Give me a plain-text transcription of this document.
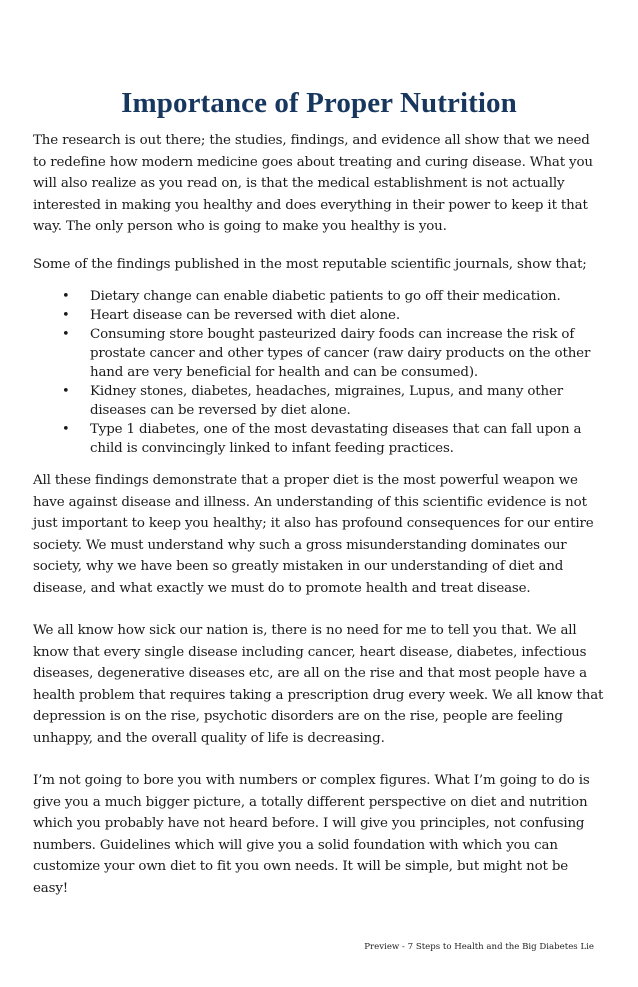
Importance of Proper Nutrition

The research is out there; the studies, findings, and evidence all show that we need to redefine how modern medicine goes about treating and curing disease. What you will also realize as you read on, is that the medical establishment is not actually interested in making you healthy and does everything in their power to keep it that way. The only person who is going to make you healthy is you.

Some of the findings published in the most reputable scientific journals, show that;

• Dietary change can enable diabetic patients to go off their medication.
• Heart disease can be reversed with diet alone.
• Consuming store bought pasteurized dairy foods can increase the risk of prostate cancer and other types of cancer (raw dairy products on the other hand are very beneficial for health and can be consumed).
• Kidney stones, diabetes, headaches, migraines, Lupus, and many other diseases can be reversed by diet alone.
• Type 1 diabetes, one of the most devastating diseases that can fall upon a child is convincingly linked to infant feeding practices.

All these findings demonstrate that a proper diet is the most powerful weapon we have against disease and illness. An understanding of this scientific evidence is not just important to keep you healthy; it also has profound consequences for our entire society. We must understand why such a gross misunderstanding dominates our society, why we have been so greatly mistaken in our understanding of diet and disease, and what exactly we must do to promote health and treat disease.

We all know how sick our nation is, there is no need for me to tell you that. We all know that every single disease including cancer, heart disease, diabetes, infectious diseases, degenerative diseases etc, are all on the rise and that most people have a health problem that requires taking a prescription drug every week. We all know that depression is on the rise, psychotic disorders are on the rise, people are feeling unhappy, and the overall quality of life is decreasing.

I’m not going to bore you with numbers or complex figures. What I’m going to do is give you a much bigger picture, a totally different perspective on diet and nutrition which you probably have not heard before. I will give you principles, not confusing numbers. Guidelines which will give you a solid foundation with which you can customize your own diet to fit you own needs. It will be simple, but might not be easy!

Preview - 7 Steps to Health and the Big Diabetes Lie
